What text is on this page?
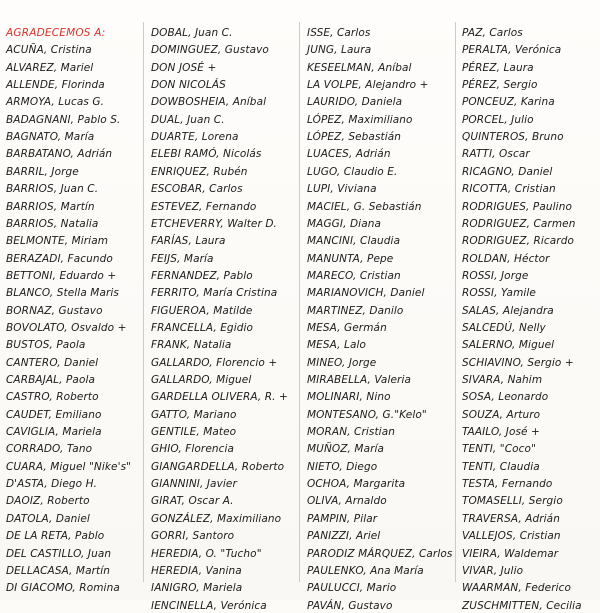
AGRADECEMOS A:
ACUÑA, Cristina
ALVAREZ, Mariel
ALLENDE, Florinda
ARMOYA, Lucas G.
BADAGNANI, Pablo S.
BAGNATO, María
BARBATANO, Adrián
BARRIL, Jorge
BARRIOS, Juan C.
BARRIOS, Martín
BARRIOS, Natalia
BELMONTE, Miriam
BERAZADI, Facundo
BETTONI, Eduardo +
BLANCO, Stella Maris
BORNAZ, Gustavo
BOVOLATO, Osvaldo +
BUSTOS, Paola
CANTERO, Daniel
CARBAJAL, Paola
CASTRO, Roberto
CAUDET, Emiliano
CAVIGLIA, Mariela
CORRADO, Tano
CUARA, Miguel "Nike's"
D'ASTA, Diego H.
DAOIZ, Roberto
DATOLA, Daniel
DE LA RETA, Pablo
DEL CASTILLO, Juan
DELLACASA, Martín
DI GIACOMO, Romina
DOBAL, Juan C.
DOMINGUEZ, Gustavo
DON JOSÉ +
DON NICOLÁS
DOWBOSHEIA, Aníbal
DUAL, Juan C.
DUARTE, Lorena
ELEBI RAMÓ, Nicolás
ENRIQUEZ, Rubén
ESCOBAR, Carlos
ESTEVEZ, Fernando
ETCHEVERRY, Walter D.
FARÍAS, Laura
FEIJS, María
FERNANDEZ, Pablo
FERRITO, María Cristina
FIGUEROA, Matilde
FRANCELLA, Egidio
FRANK, Natalia
GALLARDO, Florencio +
GALLARDO, Miguel
GARDELLA OLIVERA, R. +
GATTO, Mariano
GENTILE, Mateo
GHIO, Florencia
GIANGARDELLA, Roberto
GIANNINI, Javier
GIRAT, Oscar A.
GONZÁLEZ, Maximiliano
GORRI, Santoro
HEREDIA, O. "Tucho"
HEREDIA, Vanina
IANIGRO, Mariela
IENCINELLA, Verónica
ISSE, Carlos
JUNG, Laura
KESEELMAN, Aníbal
LA VOLPE, Alejandro +
LAURIDO, Daniela
LÓPEZ, Maximiliano
LÓPEZ, Sebastián
LUACES, Adrián
LUGO, Claudio E.
LUPI, Viviana
MACIEL, G. Sebastián
MAGGI, Diana
MANCINI, Claudia
MANUNTA, Pepe
MARECO, Cristian
MARIANOVICH, Daniel
MARTINEZ, Danilo
MESA, Germán
MESA, Lalo
MINEO, Jorge
MIRABELLA, Valeria
MOLINARI, Nino
MONTESANO, G."Kelo"
MORAN, Cristian
MUÑOZ, María
NIETO, Diego
OCHOA, Margarita
OLIVA, Arnaldo
PAMPIN, Pilar
PANIZZI, Ariel
PARODIZ MÁRQUEZ, Carlos
PAULENKO, Ana María
PAULUCCI, Mario
PAVÁN, Gustavo
PAZ, Carlos
PERALTA, Verónica
PÉREZ, Laura
PÉREZ, Sergio
PONCEUZ, Karina
PORCEL, Julio
QUINTEROS, Bruno
RATTI, Oscar
RICAGNO, Daniel
RICOTTA, Cristian
RODRIGUES, Paulino
RODRIGUEZ, Carmen
RODRIGUEZ, Ricardo
ROLDAN, Héctor
ROSSI, Jorge
ROSSI, Yamile
SALAS, Alejandra
SALCEDÚ, Nelly
SALERNO, Miguel
SCHIAVINO, Sergio +
SIVARA, Nahim
SOSA, Leonardo
SOUZA, Arturo
TAAILO, José +
TENTI, "Coco"
TENTI, Claudia
TESTA, Fernando
TOMASELLI, Sergio
TRAVERSA, Adrián
VALLEJOS, Cristian
VIEIRA, Waldemar
VIVAR, Julio
WAARMAN, Federico
ZUSCHMITTEN, Cecilia
